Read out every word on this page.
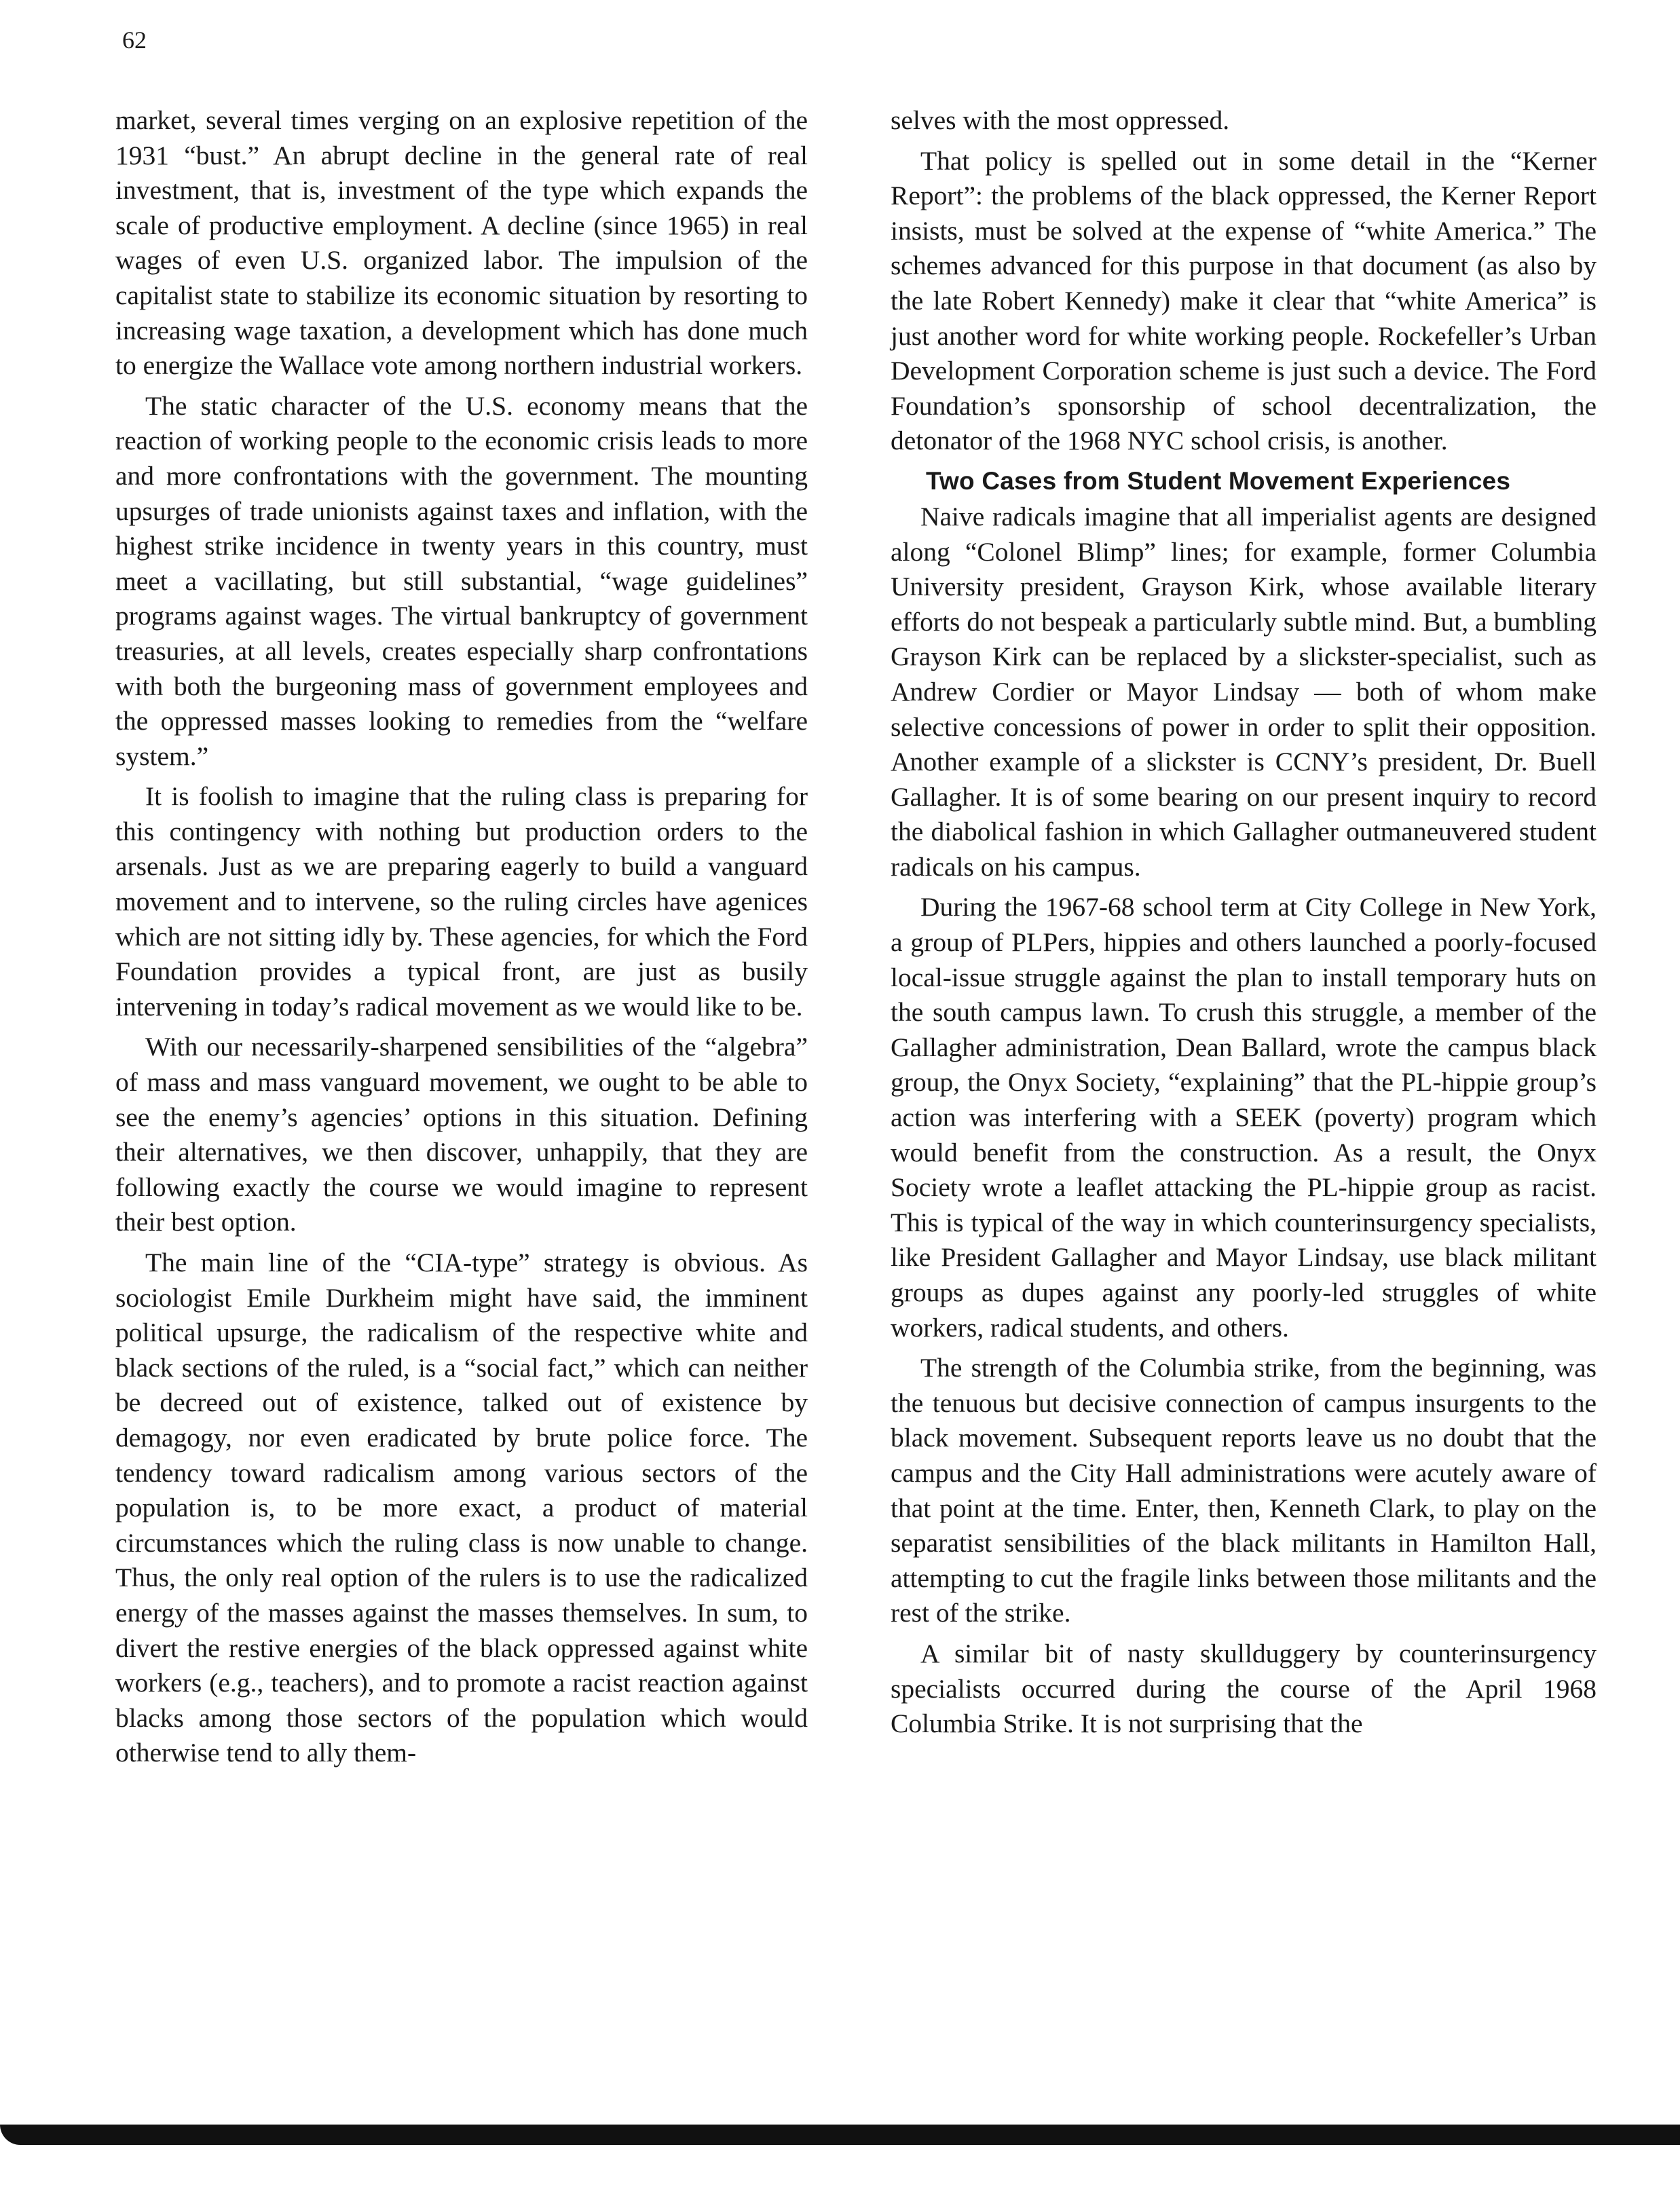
62

market, several times verging on an explosive repetition of the 1931 “bust.” An abrupt decline in the general rate of real investment, that is, investment of the type which expands the scale of productive employment. A decline (since 1965) in real wages of even U.S. organized labor. The impulsion of the capitalist state to stabilize its economic situation by resorting to increasing wage taxation, a development which has done much to energize the Wallace vote among northern industrial workers.

The static character of the U.S. economy means that the reaction of working people to the economic crisis leads to more and more confrontations with the government. The mounting upsurges of trade unionists against taxes and inflation, with the highest strike incidence in twenty years in this country, must meet a vacillating, but still substantial, “wage guidelines” programs against wages. The virtual bankruptcy of government treasuries, at all levels, creates especially sharp confrontations with both the burgeoning mass of government employees and the oppressed masses looking to remedies from the “welfare system.”

It is foolish to imagine that the ruling class is preparing for this contingency with nothing but production orders to the arsenals. Just as we are preparing eagerly to build a vanguard movement and to intervene, so the ruling circles have agenices which are not sitting idly by. These agencies, for which the Ford Foundation provides a typical front, are just as busily intervening in today’s radical movement as we would like to be.

With our necessarily-sharpened sensibilities of the “algebra” of mass and mass vanguard movement, we ought to be able to see the enemy’s agencies’ options in this situation. Defining their alternatives, we then discover, unhappily, that they are following exactly the course we would imagine to represent their best option.

The main line of the “CIA-type” strategy is obvious. As sociologist Emile Durkheim might have said, the imminent political upsurge, the radicalism of the respective white and black sections of the ruled, is a “social fact,” which can neither be decreed out of existence, talked out of existence by demagogy, nor even eradicated by brute police force. The tendency toward radicalism among various sectors of the population is, to be more exact, a product of material circumstances which the ruling class is now unable to change. Thus, the only real option of the rulers is to use the radicalized energy of the masses against the masses themselves. In sum, to divert the restive energies of the black oppressed against white workers (e.g., teachers), and to promote a racist reaction against blacks among those sectors of the population which would otherwise tend to ally them-

selves with the most oppressed.

That policy is spelled out in some detail in the “Kerner Report”: the problems of the black oppressed, the Kerner Report insists, must be solved at the expense of “white America.” The schemes advanced for this purpose in that document (as also by the late Robert Kennedy) make it clear that “white America” is just another word for white working people. Rockefeller’s Urban Development Corporation scheme is just such a device. The Ford Foundation’s sponsorship of school decentralization, the detonator of the 1968 NYC school crisis, is another.

Two Cases from Student Movement Experiences

Naive radicals imagine that all imperialist agents are designed along “Colonel Blimp” lines; for example, former Columbia University president, Grayson Kirk, whose available literary efforts do not bespeak a particularly subtle mind. But, a bumbling Grayson Kirk can be replaced by a slickster-specialist, such as Andrew Cordier or Mayor Lindsay — both of whom make selective concessions of power in order to split their opposition. Another example of a slickster is CCNY’s president, Dr. Buell Gallagher. It is of some bearing on our present inquiry to record the diabolical fashion in which Gallagher outmaneuvered student radicals on his campus.

During the 1967-68 school term at City College in New York, a group of PLPers, hippies and others launched a poorly-focused local-issue struggle against the plan to install temporary huts on the south campus lawn. To crush this struggle, a member of the Gallagher administration, Dean Ballard, wrote the campus black group, the Onyx Society, “explaining” that the PL-hippie group’s action was interfering with a SEEK (poverty) program which would benefit from the construction. As a result, the Onyx Society wrote a leaflet attacking the PL-hippie group as racist. This is typical of the way in which counterinsurgency specialists, like President Gallagher and Mayor Lindsay, use black militant groups as dupes against any poorly-led struggles of white workers, radical students, and others.

The strength of the Columbia strike, from the beginning, was the tenuous but decisive connection of campus insurgents to the black movement. Subsequent reports leave us no doubt that the campus and the City Hall administrations were acutely aware of that point at the time. Enter, then, Kenneth Clark, to play on the separatist sensibilities of the black militants in Hamilton Hall, attempting to cut the fragile links between those militants and the rest of the strike.

A similar bit of nasty skullduggery by counterinsurgency specialists occurred during the course of the April 1968 Columbia Strike. It is not surprising that the
